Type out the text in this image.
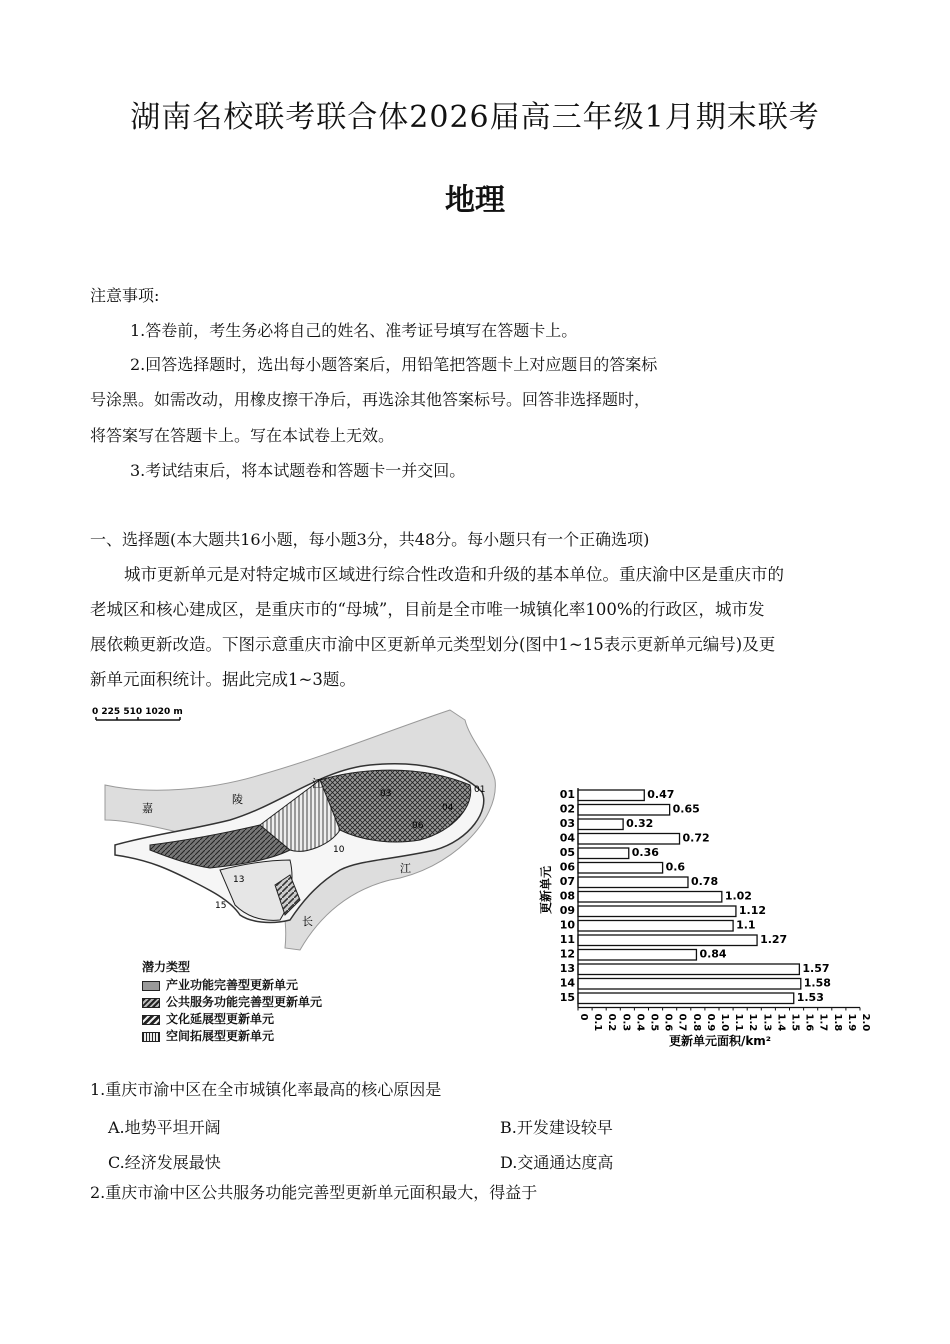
湖南名校联考联合体2026届高三年级1月期末联考
地理
注意事项:
1.答卷前，考生务必将自己的姓名、准考证号填写在答题卡上。
2.回答选择题时，选出每小题答案后，用铅笔把答题卡上对应题目的答案标
号涂黑。如需改动，用橡皮擦干净后，再选涂其他答案标号。回答非选择题时，
将答案写在答题卡上。写在本试卷上无效。
3.考试结束后，将本试题卷和答题卡一并交回。
一、选择题(本大题共16小题，每小题3分，共48分。每小题只有一个正确选项)
城市更新单元是对特定城市区域进行综合性改造和升级的基本单位。重庆渝中区是重庆市的
老城区和核心建成区，是重庆市的“母城”，目前是全市唯一城镇化率100%的行政区，城市发
展依赖更新改造。下图示意重庆市渝中区更新单元类型划分(图中1~15表示更新单元编号)及更
新单元面积统计。据此完成1~3题。
0 225 510 1020 m
01
04
03
06
10
13
15
嘉
陵
江
长
江
潜力类型
产业功能完善型更新单元
公共服务功能完善型更新单元
文化延展型更新单元
空间拓展型更新单元
01	0.47
02	0.65
03	0.32
04	0.72
05	0.36
06	0.6
07	0.78
08	1.02
09	1.12
10	1.1
11	1.27
12	0.84
13	1.57
14	1.58
15	1.53
0 0.1 0.2 0.3 0.4 0.5 0.6 0.7 0.8 0.9 1.0 1.1 1.2 1.3 1.4 1.5 1.6 1.7 1.8 1.9 2.0
更新单元
更新单元面积/km²
1.重庆市渝中区在全市城镇化率最高的核心原因是
A.地势平坦开阔	B.开发建设较早
C.经济发展最快	D.交通通达度高
2.重庆市渝中区公共服务功能完善型更新单元面积最大，得益于
